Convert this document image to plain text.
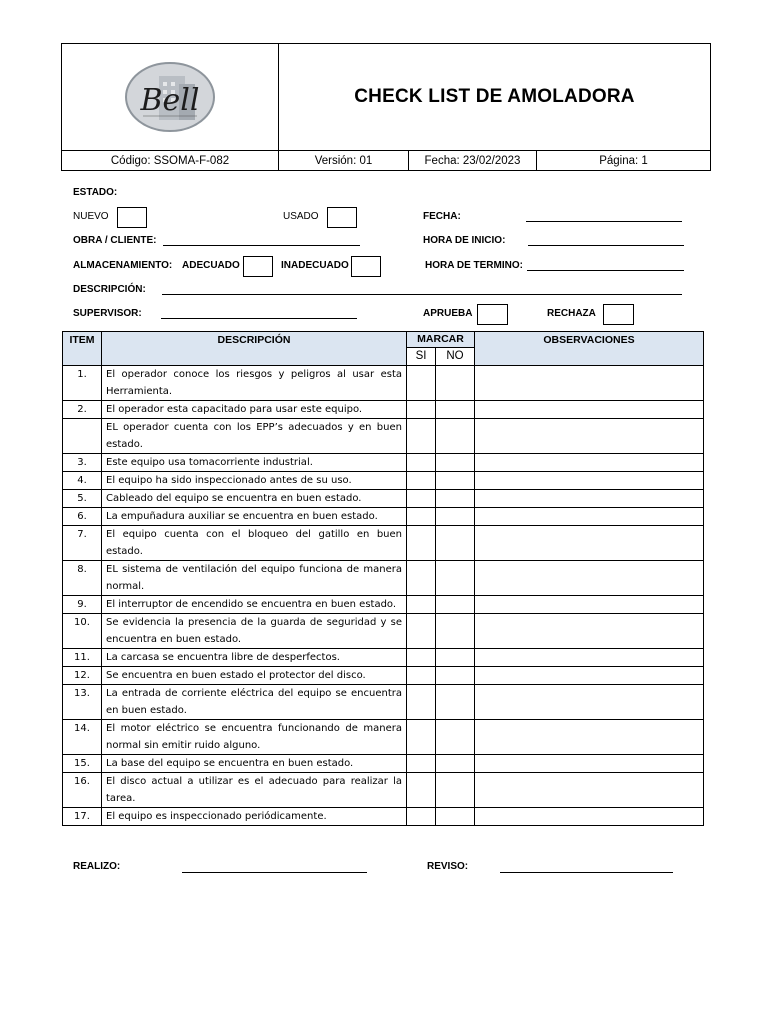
Bell	CHECK LIST DE AMOLADORA
Código: SSOMA-F-082	Versión: 01	Fecha: 23/02/2023	Página: 1
ESTADO:
NUEVO	USADO	FECHA:
OBRA / CLIENTE:	HORA DE INICIO:
ALMACENAMIENTO: ADECUADO	INADECUADO	HORA DE TERMINO:
DESCRIPCIÓN:
SUPERVISOR:	APRUEBA	RECHAZA
ITEM	DESCRIPCIÓN	MARCAR		OBSERVACIONES
		SI	NO	
1.	El operador conoce los riesgos y peligros al usar esta Herramienta.			
2.	El operador esta capacitado para usar este equipo.			
	EL operador cuenta con los EPP’s adecuados y en buen estado.			
3.	Este equipo usa tomacorriente industrial.			
4.	El equipo ha sido inspeccionado antes de su uso.			
5.	Cableado del equipo se encuentra en buen estado.			
6.	La empuñadura auxiliar se encuentra en buen estado.			
7.	El equipo cuenta con el bloqueo del gatillo en buen estado.			
8.	EL sistema de ventilación del equipo funciona de manera normal.			
9.	El interruptor de encendido se encuentra en buen estado.			
10.	Se evidencia la presencia de la guarda de seguridad y se encuentra en buen estado.			
11.	La carcasa se encuentra libre de desperfectos.			
12.	Se encuentra en buen estado el protector del disco.			
13.	La entrada de corriente eléctrica del equipo se encuentra en buen estado.			
14.	El motor eléctrico se encuentra funcionando de manera normal sin emitir ruido alguno.			
15.	La base del equipo se encuentra en buen estado.			
16.	El disco actual a utilizar es el adecuado para realizar la tarea.			
17.	El equipo es inspeccionado periódicamente.			
REALIZO:	REVISO:
